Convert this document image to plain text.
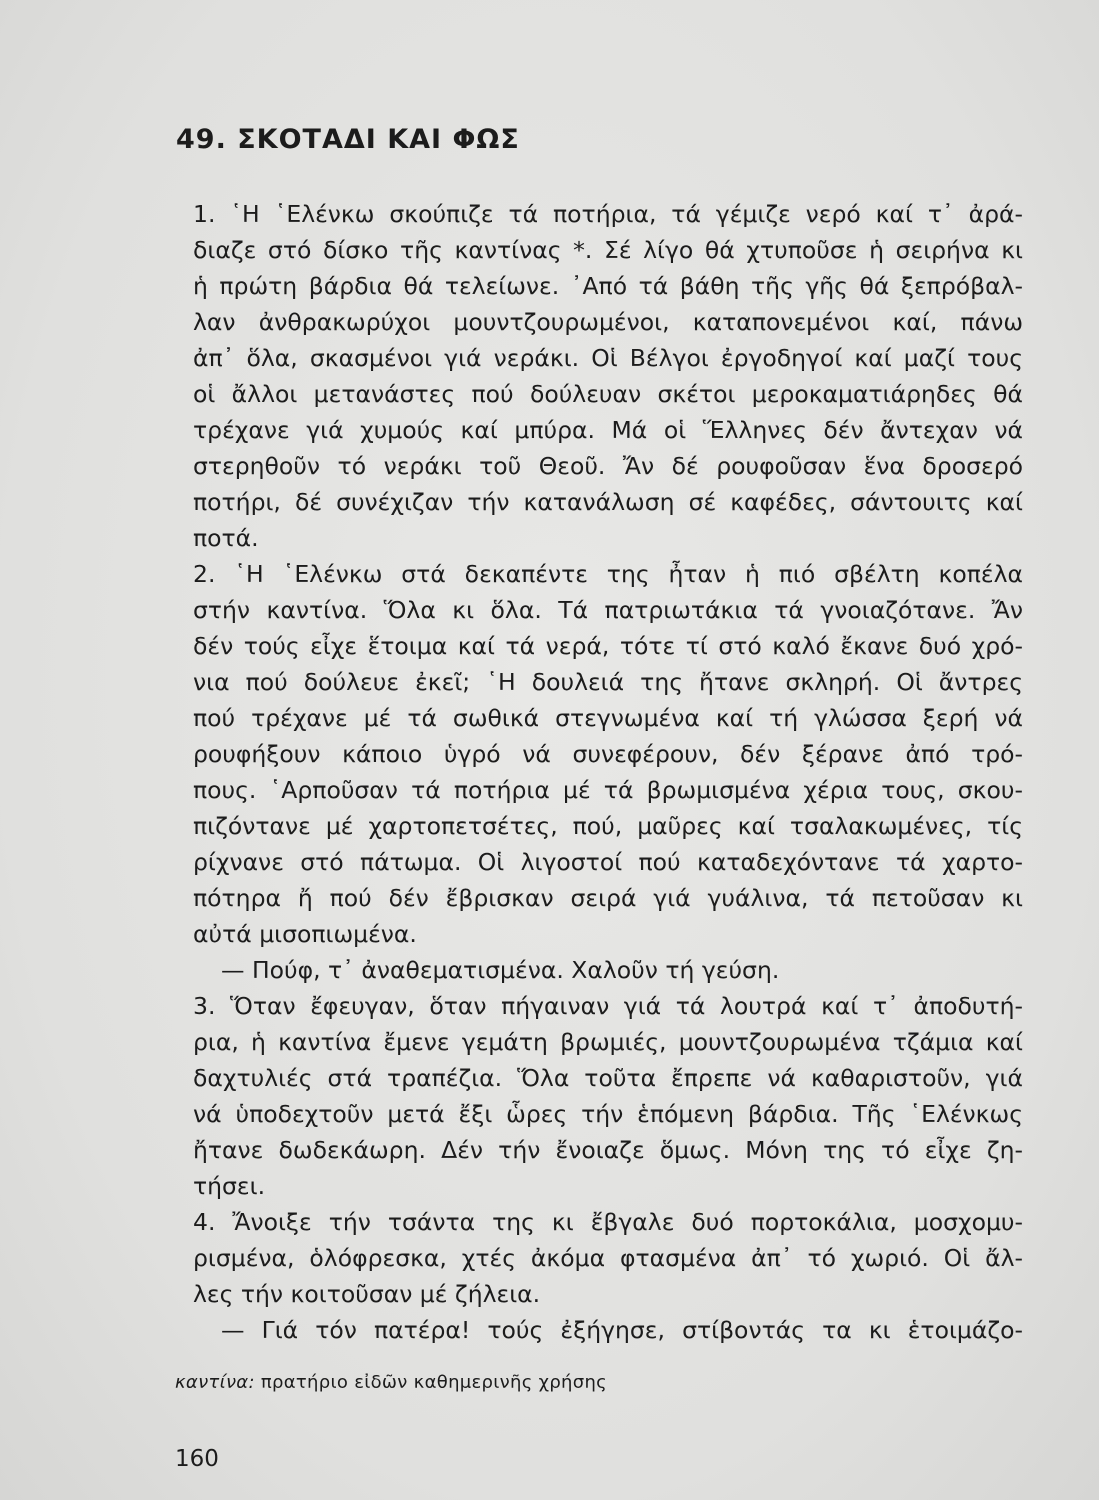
49. ΣΚΟΤΑΔΙ ΚΑΙ ΦΩΣ
1. ῾Η ῾Ελένκω σκούπιζε τά ποτήρια, τά γέμιζε νερό καί τ᾿ ἀρά-
διαζε στό δίσκο τῆς καντίνας *. Σέ λίγο θά χτυποῦσε ἡ σειρήνα κι
ἡ πρώτη βάρδια θά τελείωνε. ᾿Από τά βάθη τῆς γῆς θά ξεπρόβαλ-
λαν ἀνθρακωρύχοι μουντζουρωμένοι, καταπονεμένοι καί, πάνω
ἀπ᾿ ὅλα, σκασμένοι γιά νεράκι. Οἱ Βέλγοι ἐργοδηγοί καί μαζί τους
οἱ ἄλλοι μετανάστες πού δούλευαν σκέτοι μεροκαματιάρηδες θά
τρέχανε γιά χυμούς καί μπύρα. Μά οἱ Ἕλληνες δέν ἄντεχαν νά
στερηθοῦν τό νεράκι τοῦ Θεοῦ. Ἄν δέ ρουφοῦσαν ἕνα δροσερό
ποτήρι, δέ συνέχιζαν τήν κατανάλωση σέ καφέδες, σάντουιτς καί
ποτά.
2. ῾Η ῾Ελένκω στά δεκαπέντε της ἦταν ἡ πιό σβέλτη κοπέλα
στήν καντίνα. Ὅλα κι ὅλα. Τά πατριωτάκια τά γνοιαζότανε. Ἄν
δέν τούς εἶχε ἕτοιμα καί τά νερά, τότε τί στό καλό ἔκανε δυό χρό-
νια πού δούλευε ἐκεῖ; ῾Η δουλειά της ἤτανε σκληρή. Οἱ ἄντρες
πού τρέχανε μέ τά σωθικά στεγνωμένα καί τή γλώσσα ξερή νά
ρουφήξουν κάποιο ὑγρό νά συνεφέρουν, δέν ξέρανε ἀπό τρό-
πους. ῾Αρποῦσαν τά ποτήρια μέ τά βρωμισμένα χέρια τους, σκου-
πιζόντανε μέ χαρτοπετσέτες, πού, μαῦρες καί τσαλακωμένες, τίς
ρίχνανε στό πάτωμα. Οἱ λιγοστοί πού καταδεχόντανε τά χαρτο-
πότηρα ἤ πού δέν ἔβρισκαν σειρά γιά γυάλινα, τά πετοῦσαν κι
αὐτά μισοπιωμένα.
— Πούφ, τ᾿ ἀναθεματισμένα. Χαλοῦν τή γεύση.
3. Ὅταν ἔφευγαν, ὅταν πήγαιναν γιά τά λουτρά καί τ᾿ ἀποδυτή-
ρια, ἡ καντίνα ἔμενε γεμάτη βρωμιές, μουντζουρωμένα τζάμια καί
δαχτυλιές στά τραπέζια. Ὅλα τοῦτα ἔπρεπε νά καθαριστοῦν, γιά
νά ὑποδεχτοῦν μετά ἔξι ὧρες τήν ἑπόμενη βάρδια. Τῆς ῾Ελένκως
ἤτανε δωδεκάωρη. Δέν τήν ἔνοιαζε ὅμως. Μόνη της τό εἶχε ζη-
τήσει.
4. Ἄνοιξε τήν τσάντα της κι ἔβγαλε δυό πορτοκάλια, μοσχομυ-
ρισμένα, ὁλόφρεσκα, χτές ἀκόμα φτασμένα ἀπ᾿ τό χωριό. Οἱ ἄλ-
λες τήν κοιτοῦσαν μέ ζήλεια.
— Γιά τόν πατέρα! τούς ἐξήγησε, στίβοντάς τα κι ἑτοιμάζο-
καντίνα: πρατήριο εἰδῶν καθημερινῆς χρήσης
160
